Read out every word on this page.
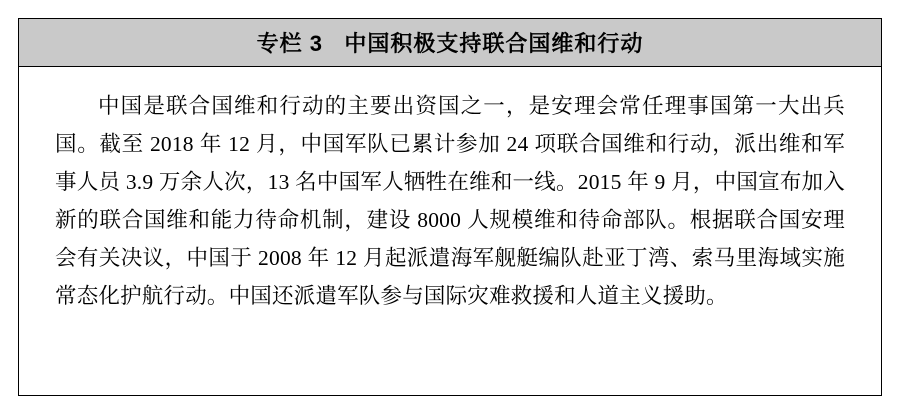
专栏 3   中国积极支持联合国维和行动

中国是联合国维和行动的主要出资国之一，是安理会常任理事国第一大出兵国。截至 2018 年 12 月，中国军队已累计参加 24 项联合国维和行动，派出维和军事人员 3.9 万余人次，13 名中国军人牺牲在维和一线。2015 年 9 月，中国宣布加入新的联合国维和能力待命机制，建设 8000 人规模维和待命部队。根据联合国安理会有关决议，中国于 2008 年 12 月起派遣海军舰艇编队赴亚丁湾、索马里海域实施常态化护航行动。中国还派遣军队参与国际灾难救援和人道主义援助。
